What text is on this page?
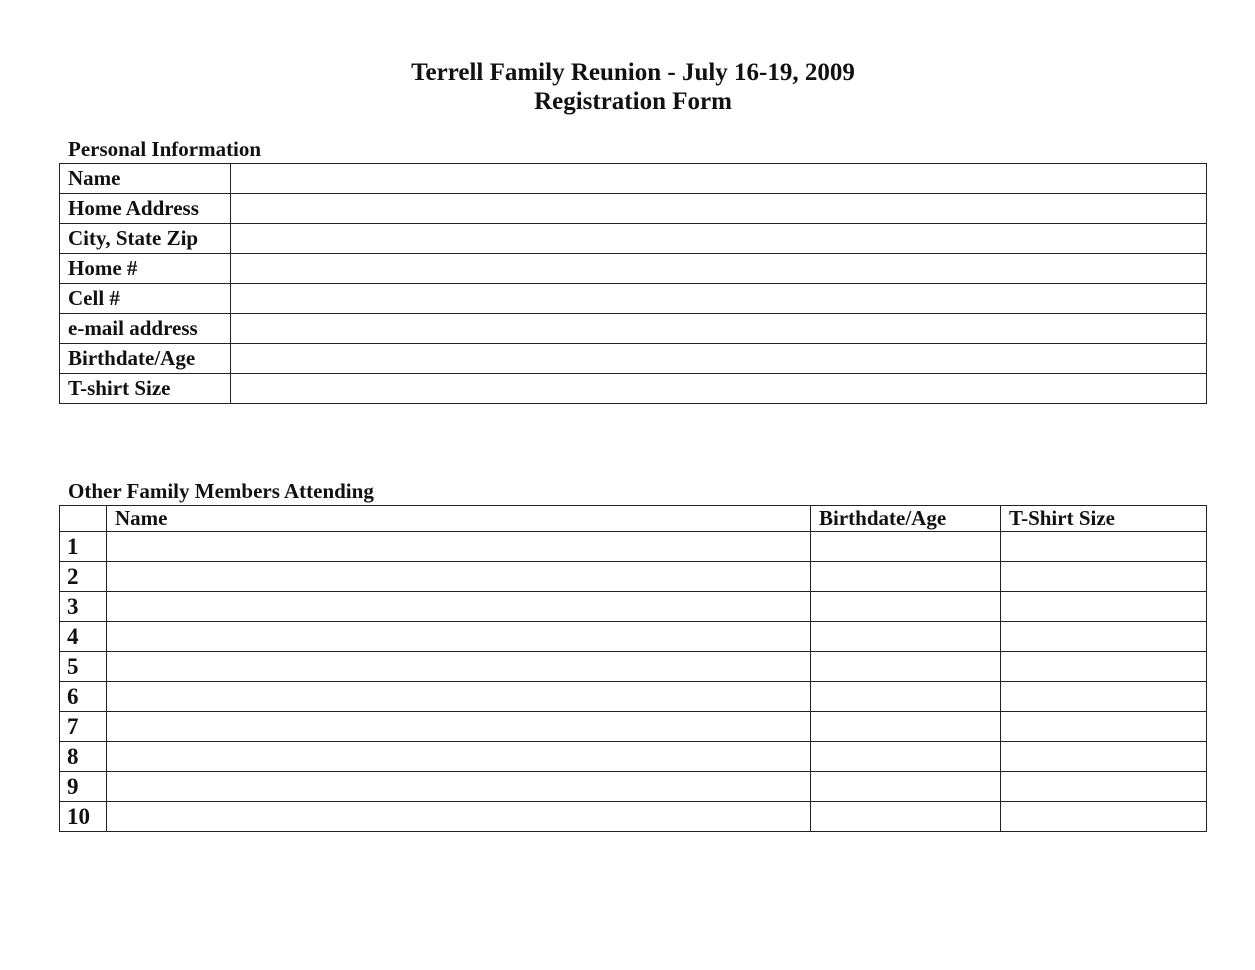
Terrell Family Reunion - July 16-19, 2009
Registration Form
Personal Information
Name	
Home Address	
City, State Zip	
Home #	
Cell #	
e-mail address	
Birthdate/Age	
T-shirt Size	
Other Family Members Attending
	Name	Birthdate/Age	T-Shirt Size
1			
2			
3			
4			
5			
6			
7			
8			
9			
10			
